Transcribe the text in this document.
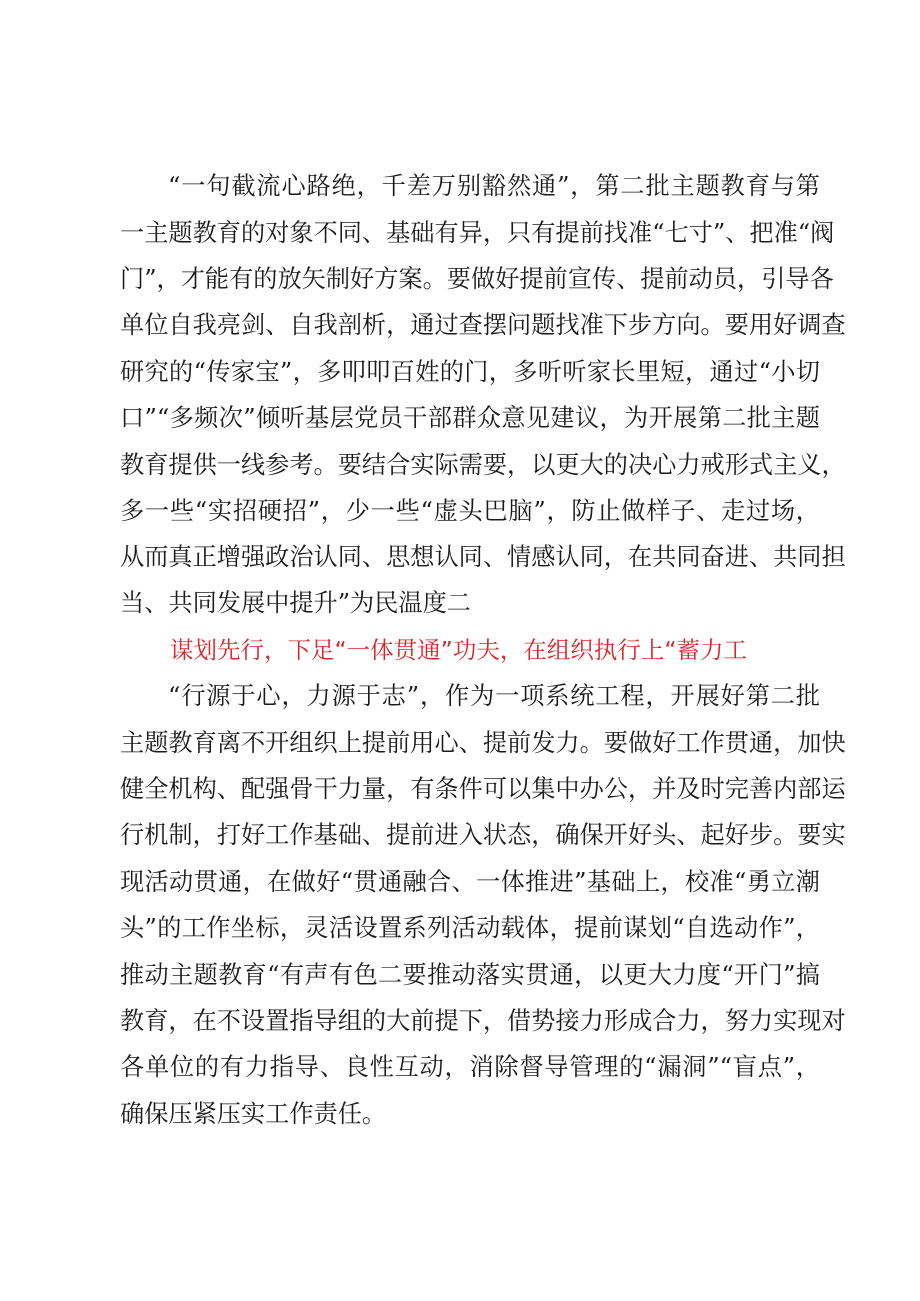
“一句截流心路绝，千差万别豁然通”，第二批主题教育与第
一主题教育的对象不同、基础有异，只有提前找准“七寸”、把准“阀
门”，才能有的放矢制好方案。要做好提前宣传、提前动员，引导各
单位自我亮剑、自我剖析，通过查摆问题找准下步方向。要用好调查
研究的“传家宝”，多叩叩百姓的门，多听听家长里短，通过“小切
口”“多频次”倾听基层党员干部群众意见建议，为开展第二批主题
教育提供一线参考。要结合实际需要，以更大的决心力戒形式主义，
多一些“实招硬招”，少一些“虚头巴脑”，防止做样子、走过场，
从而真正增强政治认同、思想认同、情感认同，在共同奋进、共同担
当、共同发展中提升”为民温度二
谋划先行，下足“一体贯通”功夫，在组织执行上“蓄力工
“行源于心，力源于志”，作为一项系统工程，开展好第二批
主题教育离不开组织上提前用心、提前发力。要做好工作贯通，加快
健全机构、配强骨干力量，有条件可以集中办公，并及时完善内部运
行机制，打好工作基础、提前进入状态，确保开好头、起好步。要实
现活动贯通，在做好“贯通融合、一体推进”基础上，校准“勇立潮
头”的工作坐标，灵活设置系列活动载体，提前谋划“自选动作”，
推动主题教育“有声有色二要推动落实贯通，以更大力度“开门”搞
教育，在不设置指导组的大前提下，借势接力形成合力，努力实现对
各单位的有力指导、良性互动，消除督导管理的“漏洞”“盲点”，
确保压紧压实工作责任。
